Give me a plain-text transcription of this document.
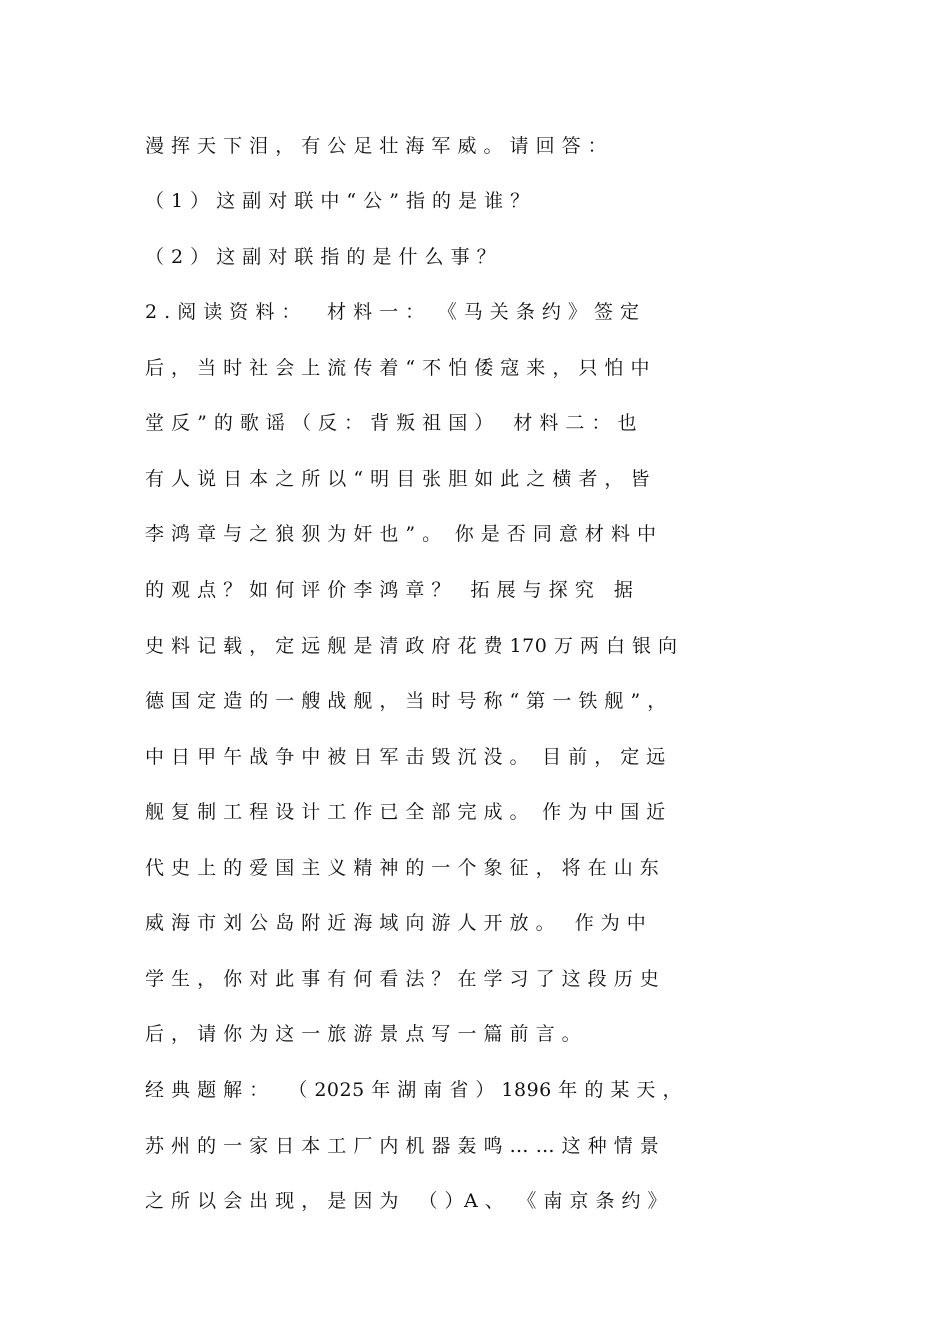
漫 挥 天 下 泪 ， 有 公 足 壮 海 军 威 。 请 回 答 ：
（ 1 ） 这 副 对 联 中 “ 公 ” 指 的 是 谁 ？
（ 2 ） 这 副 对 联 指 的 是 什 么 事 ？
2 . 阅 读 资 料 ：    材 料 一 ：  《 马 关 条 约 》 签 定
后 ， 当 时 社 会 上 流 传 着 “ 不 怕 倭 寇 来 ， 只 怕 中
堂 反 ” 的 歌 谣 （ 反 ： 背 叛 祖 国 ）   材 料 二 ： 也
有 人 说 日 本 之 所 以 “ 明 目 张 胆 如 此 之 横 者 ， 皆
李 鸿 章 与 之 狼 狈 为 奸 也 ” 。  你 是 否 同 意 材 料 中
的 观 点 ？ 如 何 评 价 李 鸿 章 ？   拓 展 与 探 究   据
史 料 记 载 ， 定 远 舰 是 清 政 府 花 费 170 万 两 白 银 向
德 国 定 造 的 一 艘 战 舰 ， 当 时 号 称 “ 第 一 铁 舰 ” ，
中 日 甲 午 战 争 中 被 日 军 击 毁 沉 没 。  目 前 ， 定 远
舰 复 制 工 程 设 计 工 作 已 全 部 完 成 。  作 为 中 国 近
代 史 上 的 爱 国 主 义 精 神 的 一 个 象 征 ， 将 在 山 东
威 海 市 刘 公 岛 附 近 海 域 向 游 人 开 放 。   作 为 中
学 生 ， 你 对 此 事 有 何 看 法 ？ 在 学 习 了 这 段 历 史
后 ， 请 你 为 这 一 旅 游 景 点 写 一 篇 前 言 。
经 典 题 解 ：   （ 2025 年 湖 南 省 ） 1896 年 的 某 天 ，
苏 州 的 一 家 日 本 工 厂 内 机 器 轰 鸣 … … 这 种 情 景
之 所 以 会 出 现 ， 是 因 为   （ ）A 、  《 南 京 条 约 》
